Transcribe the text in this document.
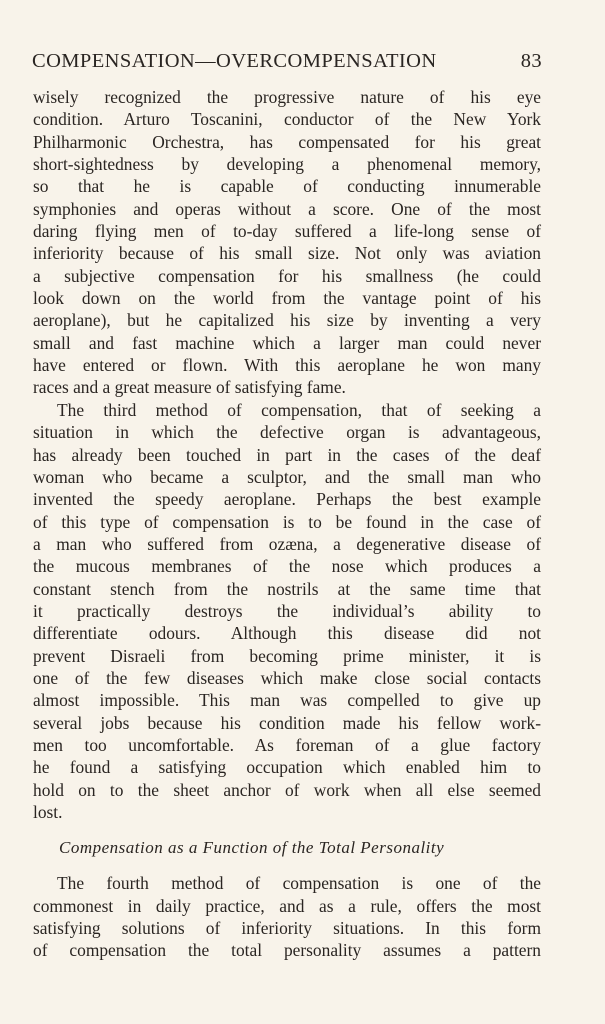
COMPENSATION—OVERCOMPENSATION	83
wisely recognized the progressive nature of his eye
condition. Arturo Toscanini, conductor of the New York
Philharmonic Orchestra, has compensated for his great
short-sightedness by developing a phenomenal memory,
so that he is capable of conducting innumerable
symphonies and operas without a score. One of the most
daring flying men of to-day suffered a life-long sense of
inferiority because of his small size. Not only was aviation
a subjective compensation for his smallness (he could
look down on the world from the vantage point of his
aeroplane), but he capitalized his size by inventing a very
small and fast machine which a larger man could never
have entered or flown. With this aeroplane he won many
races and a great measure of satisfying fame.
The third method of compensation, that of seeking a
situation in which the defective organ is advantageous,
has already been touched in part in the cases of the deaf
woman who became a sculptor, and the small man who
invented the speedy aeroplane. Perhaps the best example
of this type of compensation is to be found in the case of
a man who suffered from ozæna, a degenerative disease of
the mucous membranes of the nose which produces a
constant stench from the nostrils at the same time that
it practically destroys the individual’s ability to
differentiate odours. Although this disease did not
prevent Disraeli from becoming prime minister, it is
one of the few diseases which make close social contacts
almost impossible. This man was compelled to give up
several jobs because his condition made his fellow work-
men too uncomfortable. As foreman of a glue factory
he found a satisfying occupation which enabled him to
hold on to the sheet anchor of work when all else seemed
lost.
Compensation as a Function of the Total Personality
The fourth method of compensation is one of the
commonest in daily practice, and as a rule, offers the most
satisfying solutions of inferiority situations. In this form
of compensation the total personality assumes a pattern
